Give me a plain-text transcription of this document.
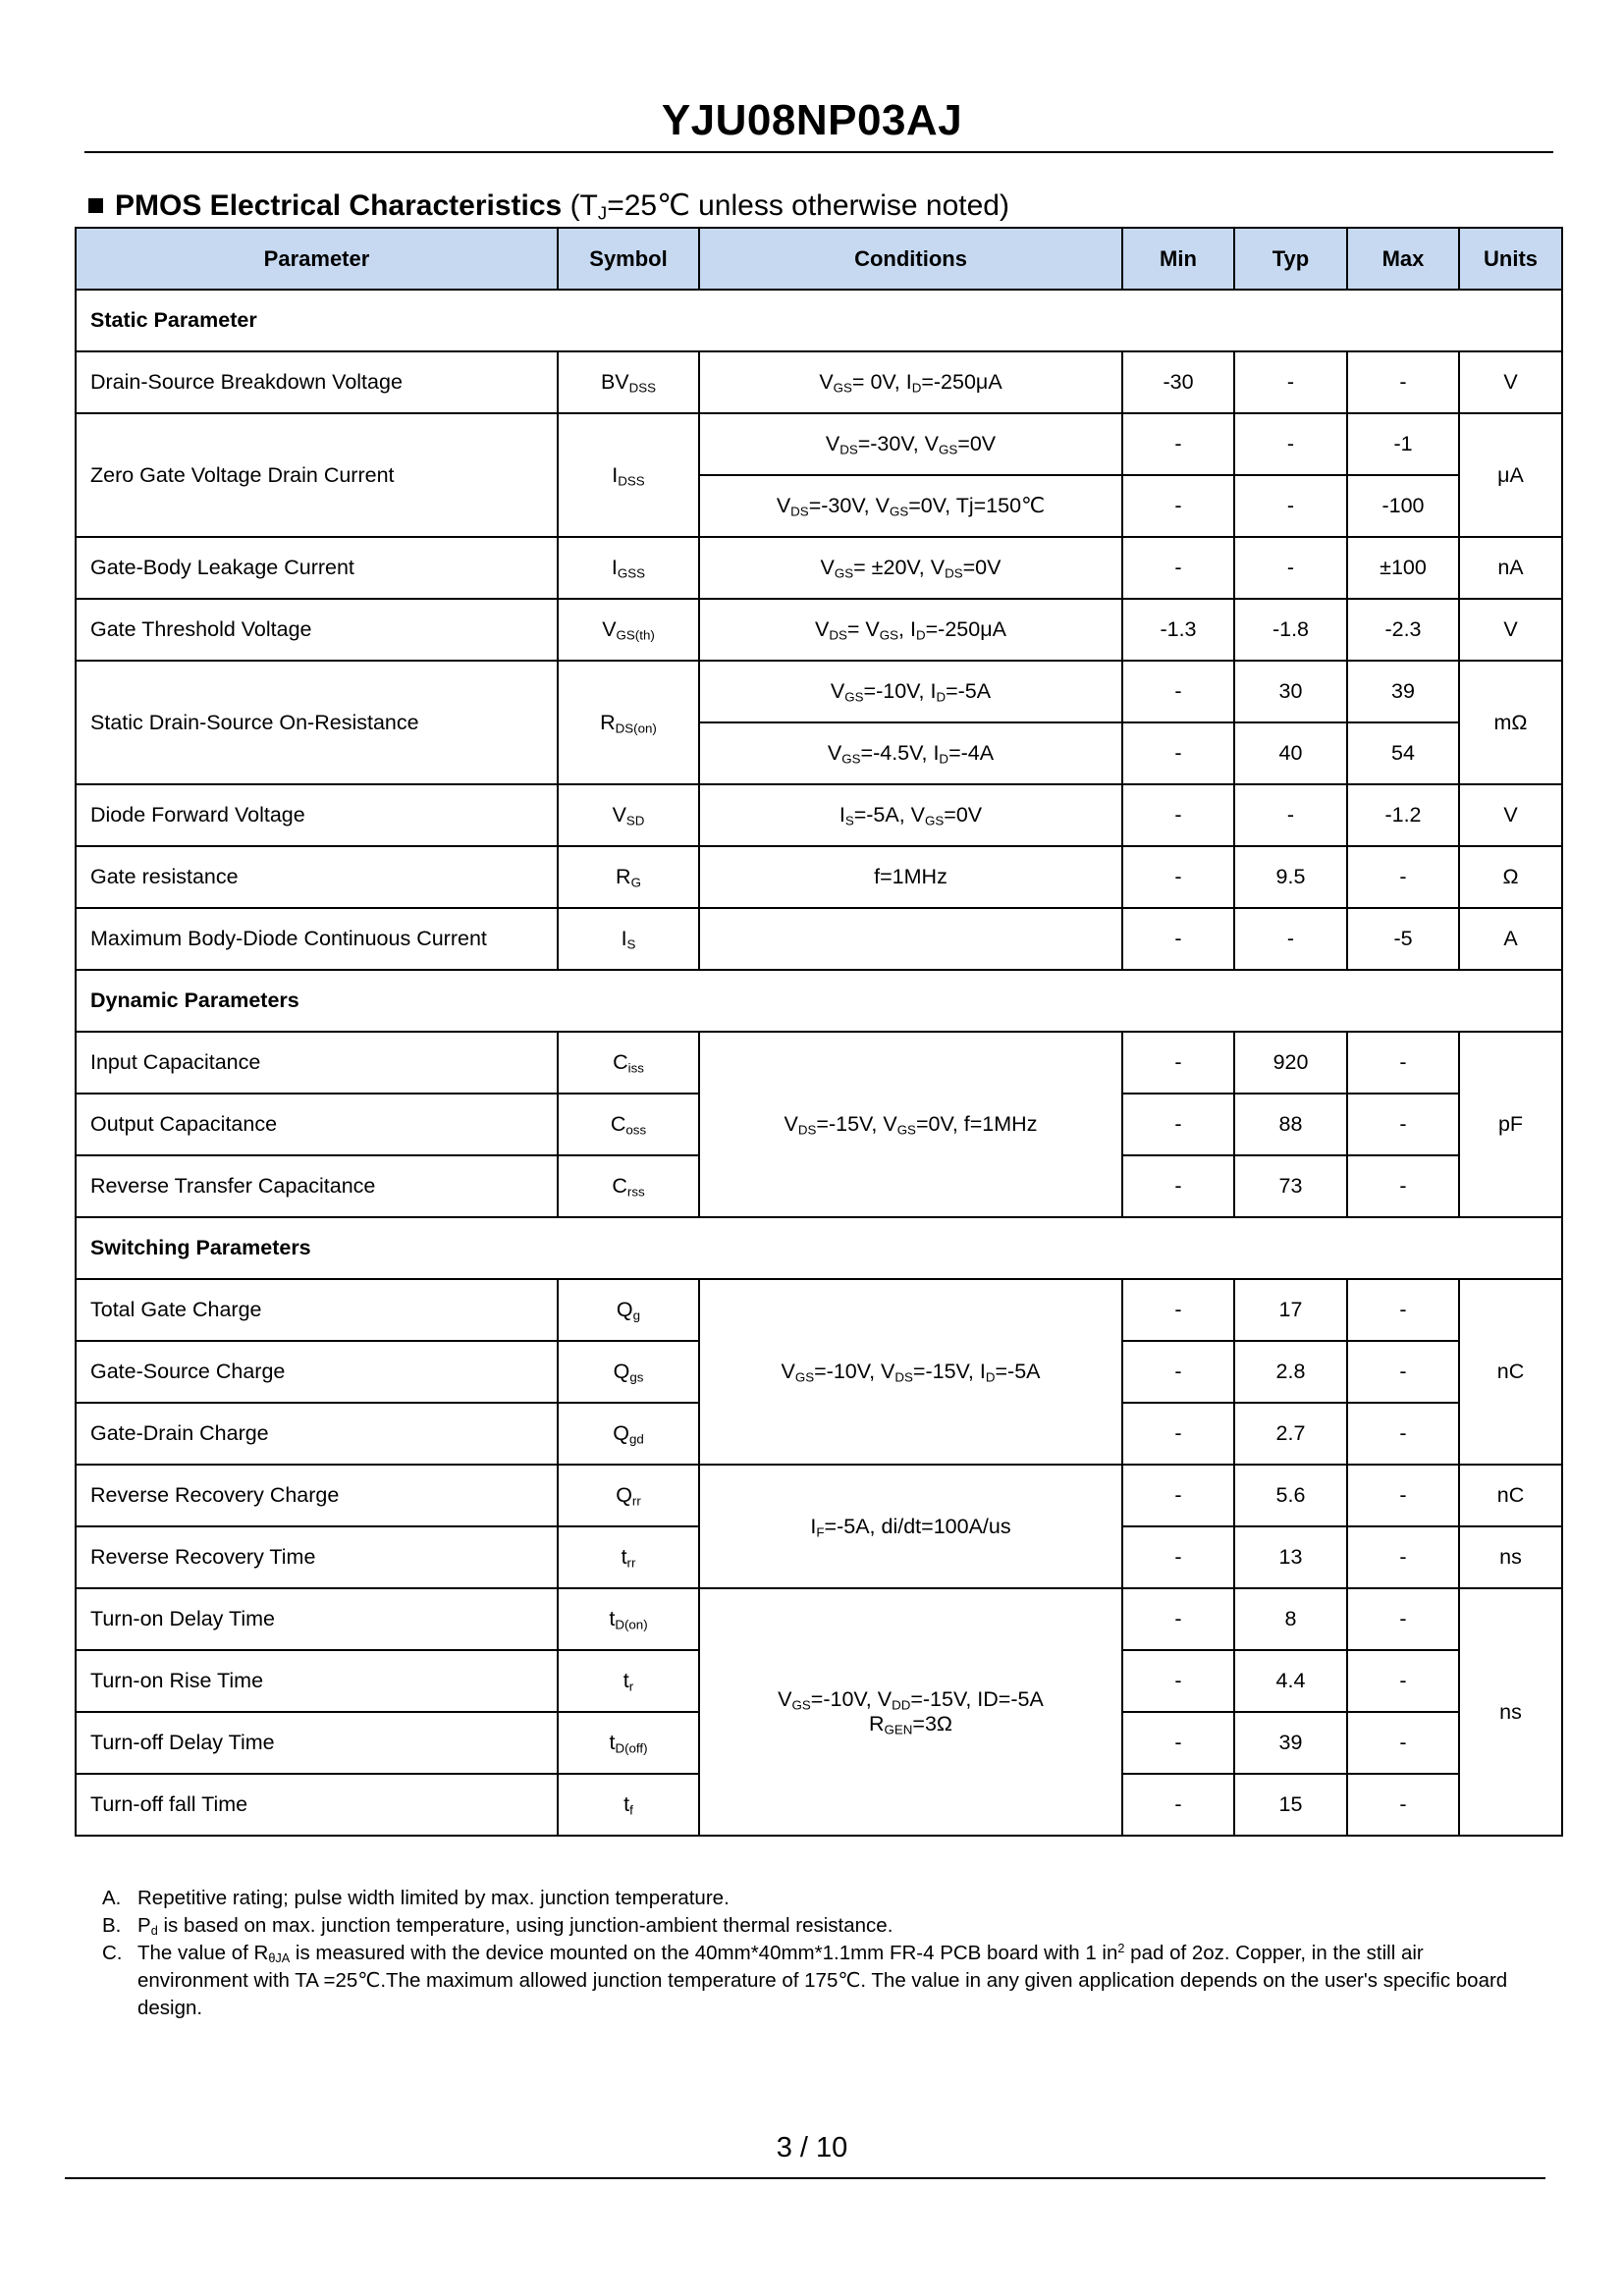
YJU08NP03AJ
PMOS Electrical Characteristics ($T_J=25℃$ unless otherwise noted)
Parameter	Symbol	Conditions	Min	Typ	Max	Units
Static Parameter						
Drain-Source Breakdown Voltage	$BV_{DSS}$	$V_{GS}= 0V$, $I_D=-250\mu A$	-30	-	-	V
Zero Gate Voltage Drain Current	$I_{DSS}$	$V_{DS}=-30V$, $V_{GS}=0V$	-	-	-1	μA
		$V_{DS}=-30V$, $V_{GS}=0V$, Tj=150℃	-	-	-100	
Gate-Body Leakage Current	$I_{GSS}$	$V_{GS}= \pm 20V$, $V_{DS}=0V$	-	-	±100	nA
Gate Threshold Voltage	$V_{GS(th)}$	$V_{DS}= V_{GS}$, $I_D=-250\mu A$	-1.3	-1.8	-2.3	V
Static Drain-Source On-Resistance	$R_{DS(on)}$	$V_{GS}=-10V$, $I_D=-5A$	-	30	39	mΩ
		$V_{GS}=-4.5V$, $I_D=-4A$	-	40	54	
Diode Forward Voltage	$V_{SD}$	$I_S=-5A$, $V_{GS}=0V$	-	-	-1.2	V
Gate resistance	$R_G$	f=1MHz	-	9.5	-	Ω
Maximum Body-Diode Continuous Current	$I_S$		-	-	-5	A
Dynamic Parameters						
Input Capacitance	$C_{iss}$	$V_{DS}=-15V$, $V_{GS}=0V$, f=1MHz	-	920	-	pF
Output Capacitance	$C_{oss}$		-	88	-	
Reverse Transfer Capacitance	$C_{rss}$		-	73	-	
Switching Parameters						
Total Gate Charge	$Q_g$	$V_{GS}=-10V$, $V_{DS}=-15V$, $I_D=-5A$	-	17	-	nC
Gate-Source Charge	$Q_{gs}$		-	2.8	-	
Gate-Drain Charge	$Q_{gd}$		-	2.7	-	
Reverse Recovery Charge	$Q_{rr}$	$I_F=-5A$, di/dt=100A/us	-	5.6	-	nC
Reverse Recovery Time	$t_{rr}$		-	13	-	ns
Turn-on Delay Time	$t_{D(on)}$	$V_{GS}=-10V$, $V_{DD}=-15V$, ID=-5A
$R_{GEN}=3\Omega$	-	8	-	ns
Turn-on Rise Time	$t_r$		-	4.4	-	
Turn-off Delay Time	$t_{D(off)}$		-	39	-	
Turn-off fall Time	$t_f$		-	15	-	
A. Repetitive rating; pulse width limited by max. junction temperature.
B. $P_d$ is based on max. junction temperature, using junction-ambient thermal resistance.
C. The value of $R_{\theta JA}$ is measured with the device mounted on the 40mm*40mm*1.1mm FR-4 PCB board with 1 $in^2$ pad of 2oz. Copper, in the still air environment with TA =25℃.The maximum allowed junction temperature of 175℃. The value in any given application depends on the user's specific board design.
3 / 10
